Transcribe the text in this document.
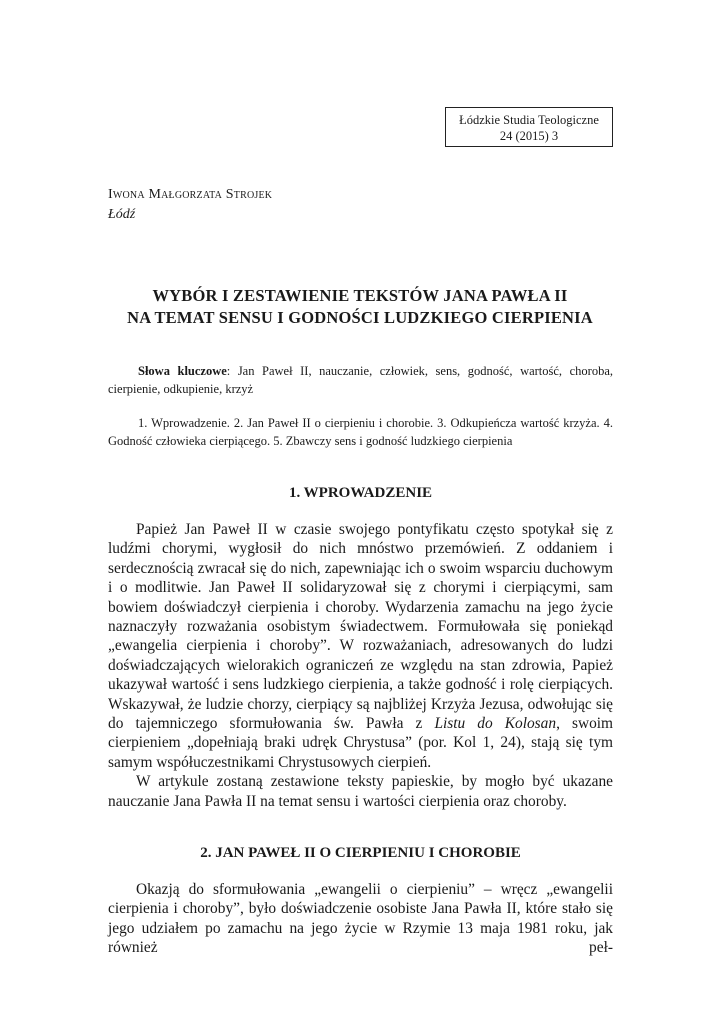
Łódzkie Studia Teologiczne
24 (2015) 3
Iwona Małgorzata Strojek
Łódź
WYBÓR I ZESTAWIENIE TEKSTÓW JANA PAWŁA II
NA TEMAT SENSU I GODNOŚCI LUDZKIEGO CIERPIENIA
Słowa kluczowe: Jan Paweł II, nauczanie, człowiek, sens, godność, wartość, choroba, cierpienie, odkupienie, krzyż
1. Wprowadzenie. 2. Jan Paweł II o cierpieniu i chorobie. 3. Odkupieńcza wartość krzyża. 4. Godność człowieka cierpiącego. 5. Zbawczy sens i godność ludzkiego cierpienia
1. WPROWADZENIE

Papież Jan Paweł II w czasie swojego pontyfikatu często spotykał się z ludźmi chorymi, wygłosił do nich mnóstwo przemówień. Z oddaniem i serdecznością zwracał się do nich, zapewniając ich o swoim wsparciu duchowym i o modlitwie. Jan Paweł II solidaryzował się z chorymi i cierpiącymi, sam bowiem doświadczył cierpienia i choroby. Wydarzenia zamachu na jego życie naznaczyły rozważania osobistym świadectwem. Formułowała się poniekąd „ewangelia cierpienia i choroby”. W rozważaniach, adresowanych do ludzi doświadczających wielorakich ograniczeń ze względu na stan zdrowia, Papież ukazywał wartość i sens ludzkiego cierpienia, a także godność i rolę cierpiących. Wskazywał, że ludzie chorzy, cierpiący są najbliżej Krzyża Jezusa, odwołując się do tajemniczego sformułowania św. Pawła z Listu do Kolosan, swoim cierpieniem „dopełniają braki udręk Chrystusa” (por. Kol 1, 24), stają się tym samym współuczestnikami Chrystusowych cierpień.

W artykule zostaną zestawione teksty papieskie, by mogło być ukazane nauczanie Jana Pawła II na temat sensu i wartości cierpienia oraz choroby.

2. JAN PAWEŁ II O CIERPIENIU I CHOROBIE

Okazją do sformułowania „ewangelii o cierpieniu” – wręcz „ewangelii cierpienia i choroby”, było doświadczenie osobiste Jana Pawła II, które stało się jego udziałem po zamachu na jego życie w Rzymie 13 maja 1981 roku, jak również peł-
